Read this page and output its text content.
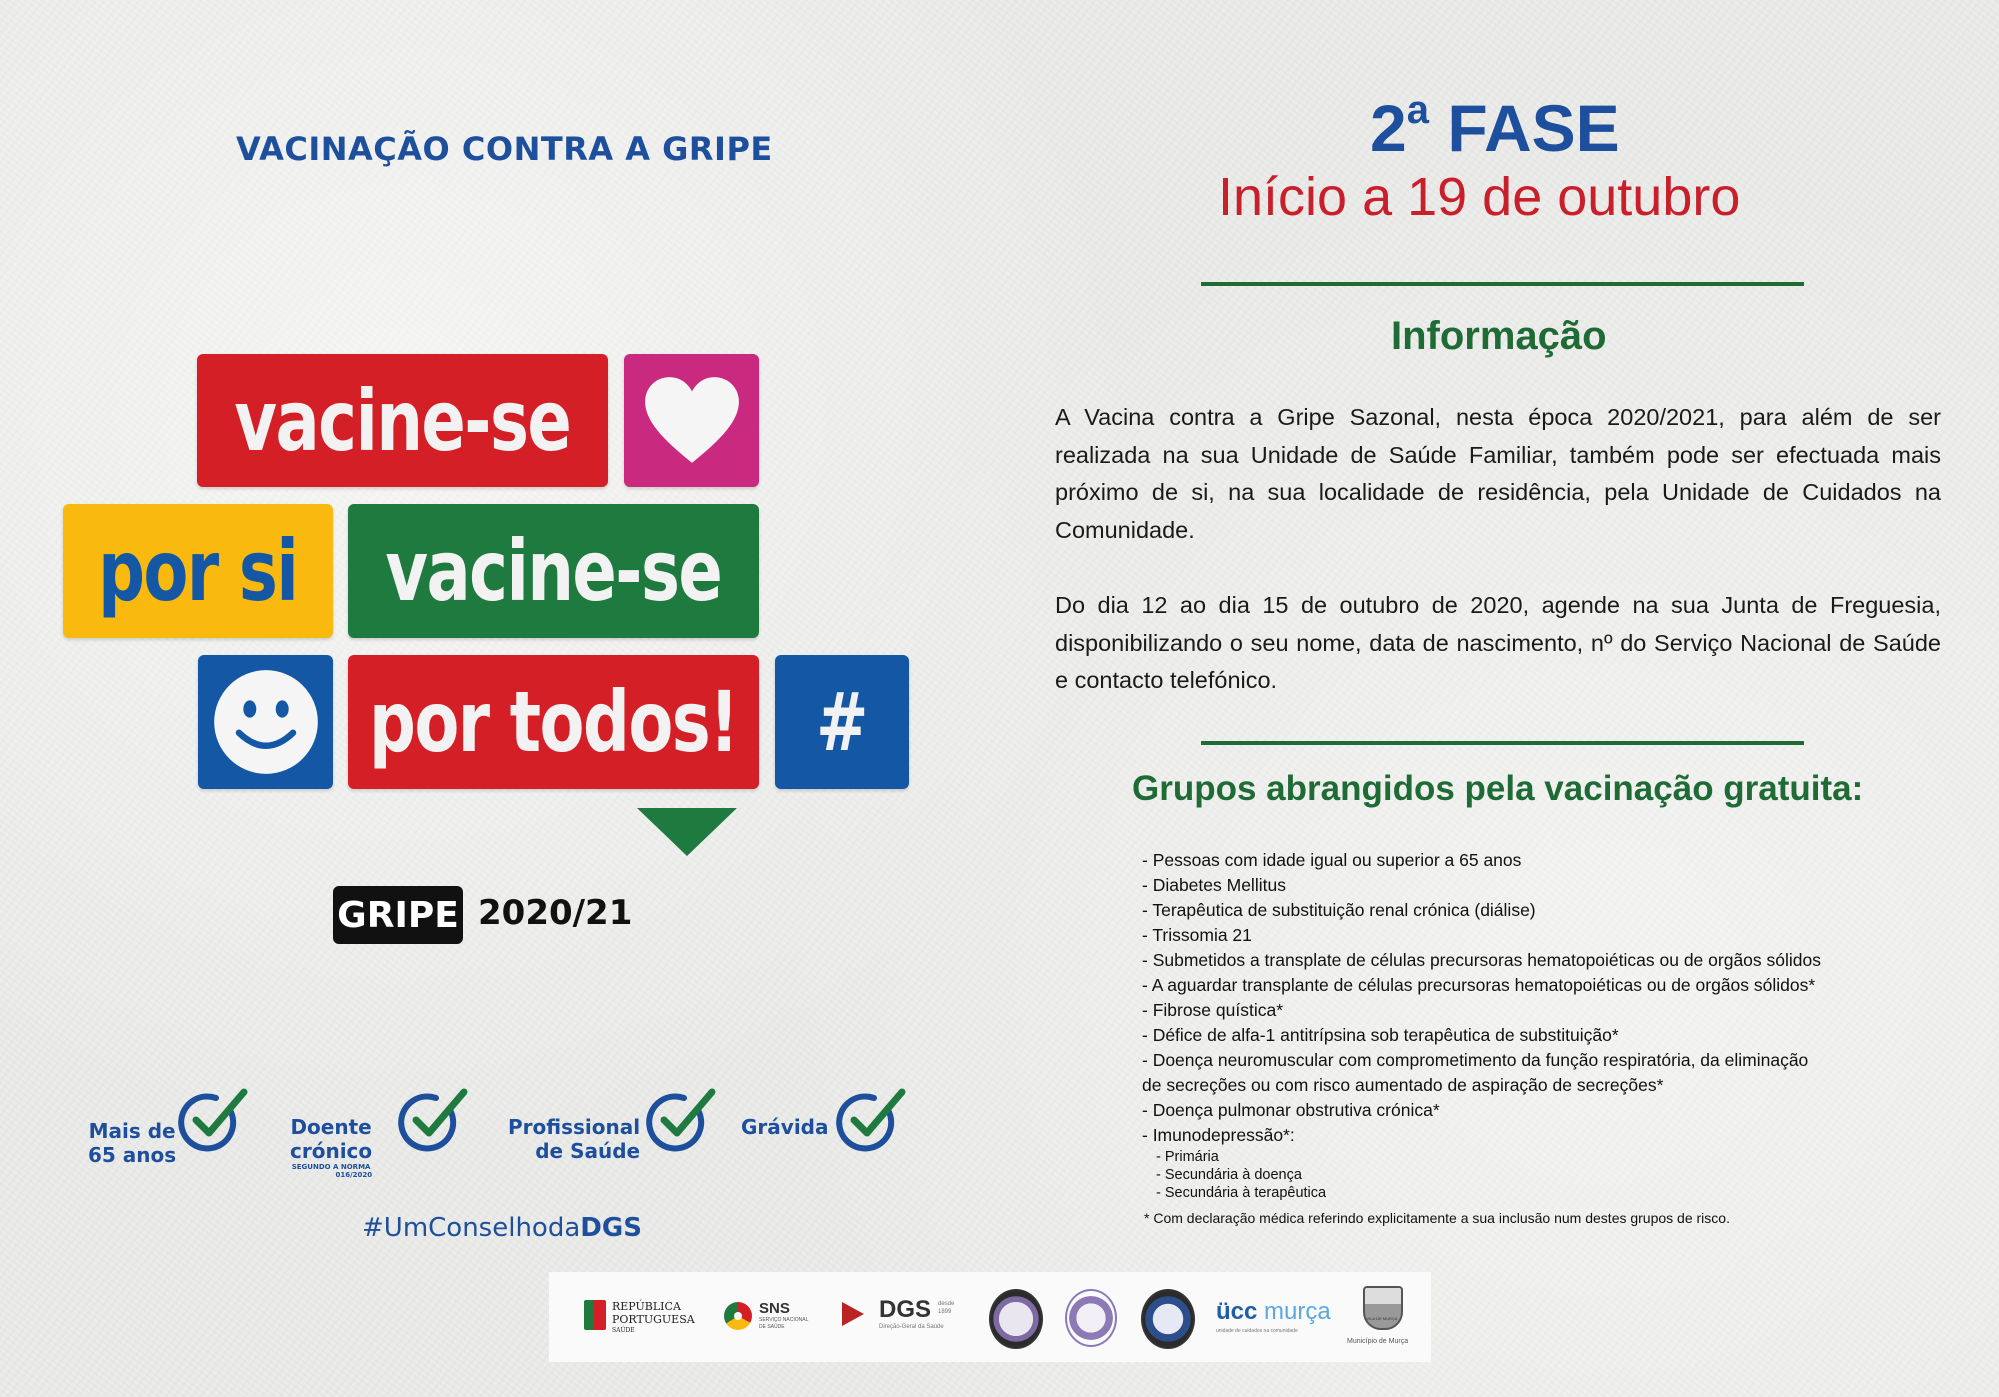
VACINAÇÃO CONTRA A GRIPE
vacine-se
por si vacine-se
por todos! #
GRIPE 2020/21
Mais de
65 anos
Doente
crónico
SEGUNDO A NORMA
016/2020
Profissional
de Saúde
Grávida
#UmConselhodaDGS
2$^a$ FASE
Início a 19 de outubro
Informação
A Vacina contra a Gripe Sazonal, nesta época 2020/2021, para além de ser realizada na sua Unidade de Saúde Familiar, também pode ser efectuada mais próximo de si, na sua localidade de residência, pela Unidade de Cuidados na Comunidade.
Do dia 12 ao dia 15 de outubro de 2020, agende na sua Junta de Freguesia, disponibilizando o seu nome, data de nascimento, nº do Serviço Nacional de Saúde e contacto telefónico.
Grupos abrangidos pela vacinação gratuita:
- Pessoas com idade igual ou superior a 65 anos
- Diabetes Mellitus
- Terapêutica de substituição renal crónica (diálise)
- Trissomia 21
- Submetidos a transplate de células precursoras hematopoiéticas ou de orgãos sólidos
- A aguardar transplante de células precursoras hematopoiéticas ou de orgãos sólidos*
- Fibrose quística*
- Défice de alfa-1 antitrípsina sob terapêutica de substituição*
- Doença neuromuscular com comprometimento da função respiratória, da eliminação
de secreções ou com risco aumentado de aspiração de secreções*
- Doença pulmonar obstrutiva crónica*
- Imunodepressão*:
- Primária
- Secundária à doença
- Secundária à terapêutica
* Com declaração médica referindo explicitamente a sua inclusão num destes grupos de risco.
REPÚBLICA
PORTUGUESA
SAÚDE
SNS
SERVIÇO NACIONAL
DE SAÚDE
DGS desde
1899
Direção-Geral da Saúde
ücc murça
unidade de cuidados na comunidade
VILA DE MURÇA
Município de Murça
